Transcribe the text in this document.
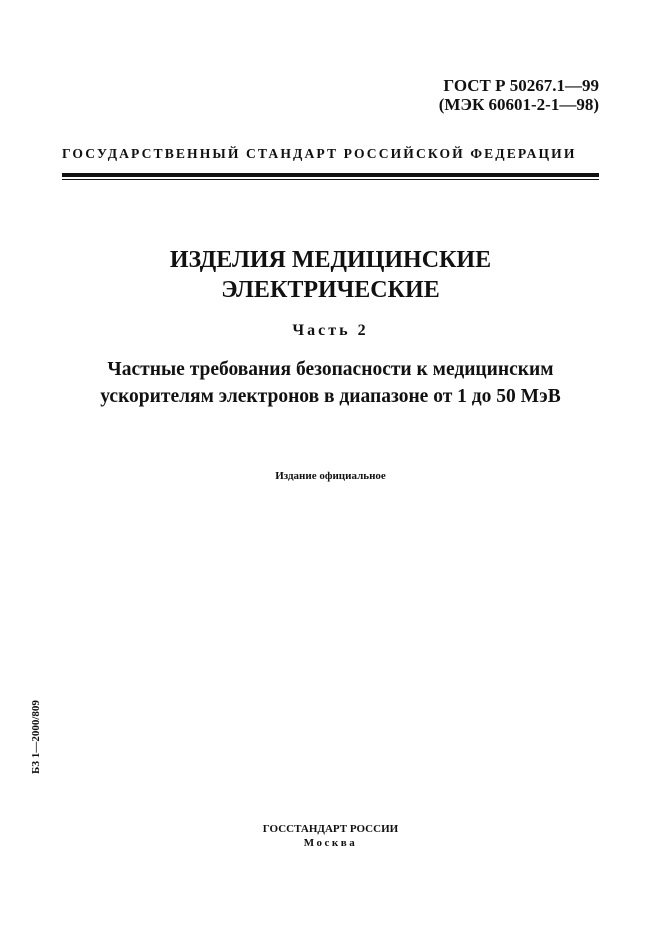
ГОСТ Р 50267.1—99
(МЭК 60601-2-1—98)
ГОСУДАРСТВЕННЫЙ СТАНДАРТ РОССИЙСКОЙ ФЕДЕРАЦИИ
ИЗДЕЛИЯ МЕДИЦИНСКИЕ
ЭЛЕКТРИЧЕСКИЕ
Часть 2
Частные требования безопасности к медицинским
ускорителям электронов в диапазоне от 1 до 50 МэВ
Издание официальное
БЗ 1—2000/809
ГОССТАНДАРТ РОССИИ
Москва
